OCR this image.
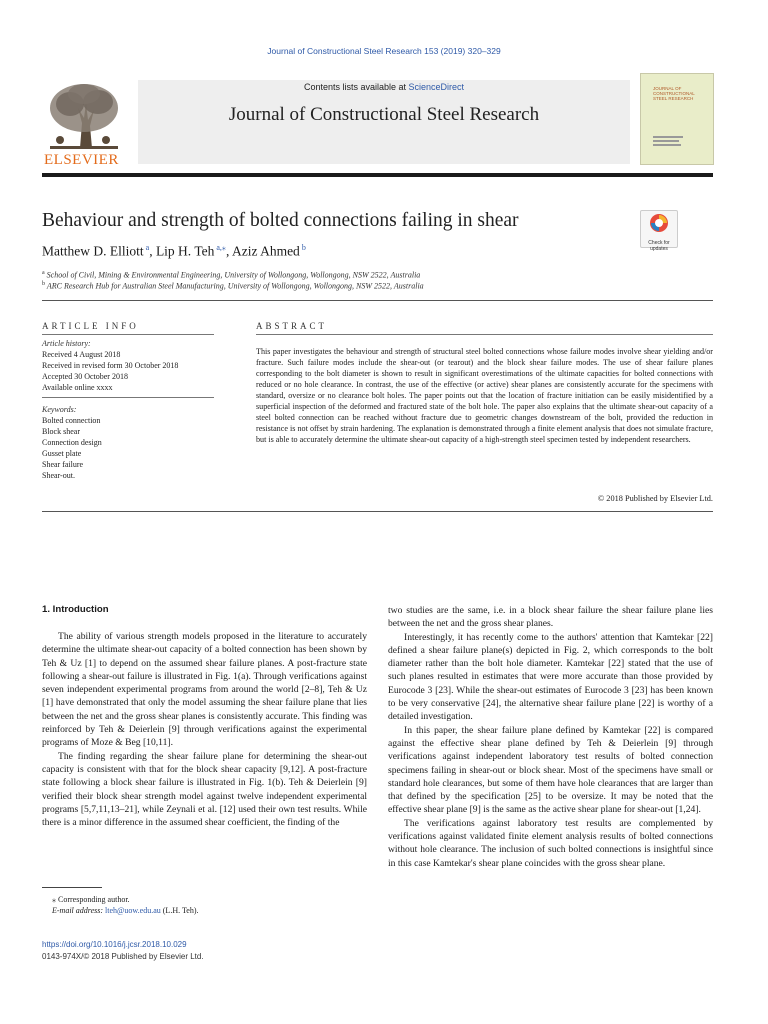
Journal of Constructional Steel Research 153 (2019) 320–329
ELSEVIER
Contents lists available at ScienceDirect
Journal of Constructional Steel Research
JOURNAL OF CONSTRUCTIONAL STEEL RESEARCH
Behaviour and strength of bolted connections failing in shear
Check for updates
Matthew D. Elliott $^a$, Lip H. Teh $^{a,⁎}$, Aziz Ahmed $^b$
$^a$ School of Civil, Mining & Environmental Engineering, University of Wollongong, Wollongong, NSW 2522, Australia
$^b$ ARC Research Hub for Australian Steel Manufacturing, University of Wollongong, Wollongong, NSW 2522, Australia
ARTICLE INFO
Article history:
Received 4 August 2018
Received in revised form 30 October 2018
Accepted 30 October 2018
Available online xxxx
Keywords:
Bolted connection
Block shear
Connection design
Gusset plate
Shear failure
Shear-out.
ABSTRACT
This paper investigates the behaviour and strength of structural steel bolted connections whose failure modes involve shear yielding and/or fracture. Such failure modes include the shear-out (or tearout) and the block shear failure modes. The use of shear failure planes corresponding to the bolt diameter is shown to result in significant overestimations of the ultimate capacities for bolted connections with reduced or no hole clearance. In contrast, the use of the effective (or active) shear planes are consistently accurate for the specimens with standard, oversize or no clearance bolt holes. The paper points out that the location of fracture initiation can be easily misidentified by a superficial inspection of the deformed and fractured state of the bolt hole. The paper also explains that the ultimate shear-out capacity of a steel bolted connection can be reached without fracture due to geometric changes downstream of the bolt, provided the reduction in resistance is not offset by strain hardening. The explanation is demonstrated through a finite element analysis that does not simulate fracture, but is able to accurately determine the ultimate shear-out capacity of a high-strength steel specimen tested by independent researchers.
© 2018 Published by Elsevier Ltd.
1. Introduction

The ability of various strength models proposed in the literature to accurately determine the ultimate shear-out capacity of a bolted connection has been shown by Teh & Uz [1] to depend on the assumed shear failure planes. A post-fracture state following a shear-out failure is illustrated in Fig. 1(a). Through verifications against seven independent experimental programs from around the world [2–8], Teh & Uz [1] have demonstrated that only the model assuming the shear failure plane that lies between the net and the gross shear planes is consistently accurate. This finding was reinforced by Teh & Deierlein [9] through verifications against the experimental programs of Moze & Beg [10,11].

The finding regarding the shear failure plane for determining the shear-out capacity is consistent with that for the block shear capacity [9,12]. A post-fracture state following a block shear failure is illustrated in Fig. 1(b). Teh & Deierlein [9] verified their block shear strength model against twelve independent experimental programs [5,7,11,13–21], while Zeynali et al. [12] used their own test results. While there is a minor difference in the assumed shear coefficient, the finding of the

two studies are the same, i.e. in a block shear failure the shear failure plane lies between the net and the gross shear planes.

Interestingly, it has recently come to the authors' attention that Kamtekar [22] defined a shear failure plane(s) depicted in Fig. 2, which corresponds to the bolt diameter rather than the bolt hole diameter. Kamtekar [22] stated that the use of such planes resulted in estimates that were more accurate than those provided by Eurocode 3 [23]. While the shear-out estimates of Eurocode 3 [23] has been known to be very conservative [24], the alternative shear failure plane [22] is worthy of a detailed investigation.

In this paper, the shear failure plane defined by Kamtekar [22] is compared against the effective shear plane defined by Teh & Deierlein [9] through verifications against independent laboratory test results of bolted connection specimens failing in shear-out or block shear. Most of the specimens have small or standard hole clearances, but some of them have hole clearances that are larger than that defined by the specification [25] to be oversize. It may be noted that the effective shear plane [9] is the same as the active shear plane for shear-out [1,24].

The verifications against laboratory test results are complemented by verifications against validated finite element analysis results of bolted connections without hole clearance. The inclusion of such bolted connections is insightful since in this case Kamtekar's shear plane coincides with the gross shear plane.

⁎ Corresponding author.
E-mail address: lteh@uow.edu.au (L.H. Teh).
https://doi.org/10.1016/j.jcsr.2018.10.029
0143-974X/© 2018 Published by Elsevier Ltd.
